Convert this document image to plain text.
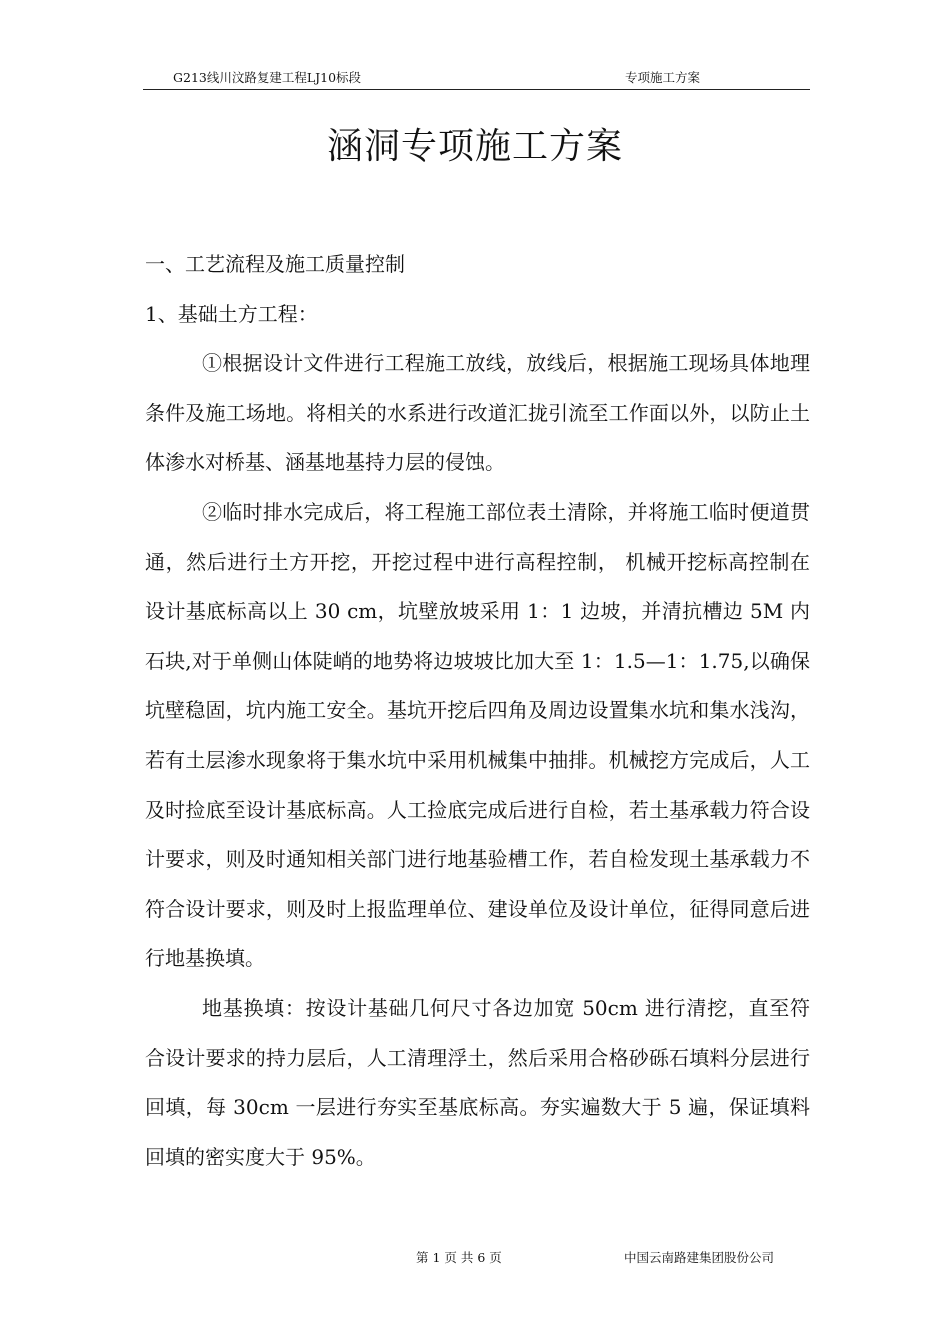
G213线川汶路复建工程LJ10标段	专项施工方案
涵洞专项施工方案

一、工艺流程及施工质量控制

1、基础土方工程：

①根据设计文件进行工程施工放线，放线后，根据施工现场具体地理条件及施工场地。将相关的水系进行改道汇拢引流至工作面以外，以防止土体渗水对桥基、涵基地基持力层的侵蚀。

②临时排水完成后，将工程施工部位表土清除，并将施工临时便道贯通，然后进行土方开挖，开挖过程中进行高程控制， 机械开挖标高控制在设计基底标高以上 30 cm，坑壁放坡采用 1：1 边坡，并清抗槽边 5M 内石块,对于单侧山体陡峭的地势将边坡坡比加大至 1：1.5—1：1.75,以确保坑壁稳固，坑内施工安全。基坑开挖后四角及周边设置集水坑和集水浅沟，若有土层渗水现象将于集水坑中采用机械集中抽排。机械挖方完成后，人工及时捡底至设计基底标高。人工捡底完成后进行自检，若土基承载力符合设计要求，则及时通知相关部门进行地基验槽工作，若自检发现土基承载力不符合设计要求，则及时上报监理单位、建设单位及设计单位，征得同意后进行地基换填。

地基换填：按设计基础几何尺寸各边加宽 50cm 进行清挖，直至符合设计要求的持力层后，人工清理浮土，然后采用合格砂砾石填料分层进行回填，每 30cm 一层进行夯实至基底标高。夯实遍数大于 5 遍，保证填料回填的密实度大于 95%。

第 1 页 共 6 页	中国云南路建集团股份公司
